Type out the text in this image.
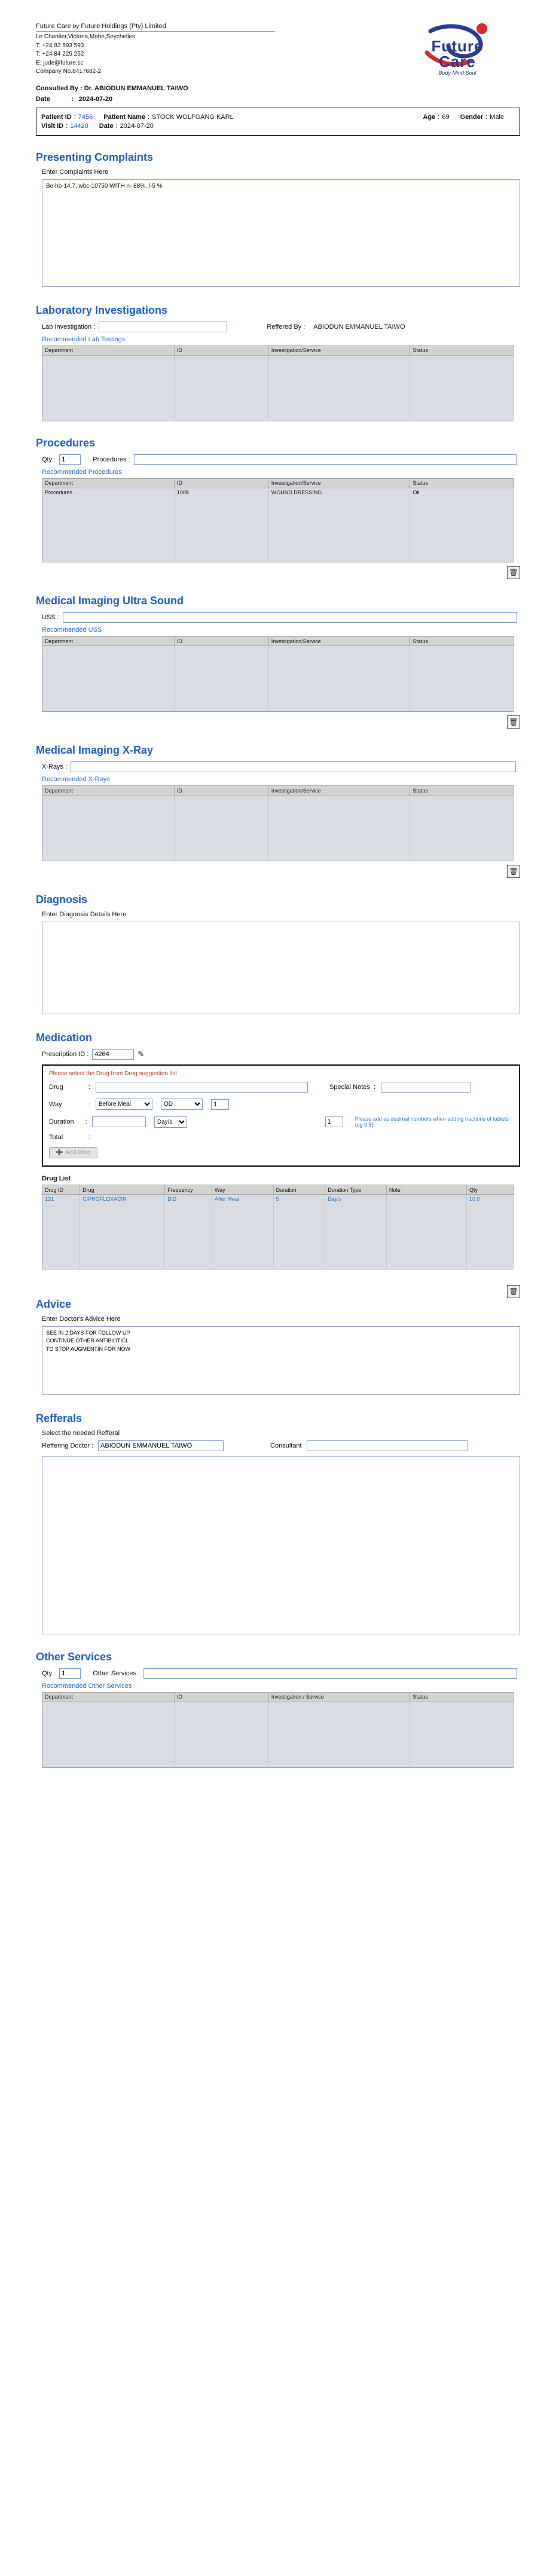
Future Care by Future Holdings (Pty) Limited
Le Chantier,Victoria,Mahe,Seychelles
T: +24 82 593 593
T: +24 84 225 252
E: jude@future.sc
Company No.8417682-2
Future
Care
Body Mind Soul
Consulted By : Dr. ABIODUN EMMANUEL TAIWO
Date	: 2024-07-20
Patient ID : 7456 Patient Name : STOCK WOLFGANG KARL	Age : 69 Gender : Male
Visit ID : 14420 Date : 2024-07-20
Presenting Complaints
Enter Complaints Here
Bo hb-14.7, wbc-10750 WITH n- 88%, l-5 %
Laboratory Investigations
Lab Investigation :	Reffered By : ABIODUN EMMANUEL TAIWO
Recommended Lab Testings
Department	ID	Investigation/Service	Status

Procedures
Qty :
1	Procedures :
Recommended Procedures
Department	ID	Investigation/Service	Status
Procedures	1008	WOUND DRESSING	Ok

🗑
Medical Imaging Ultra Sound
USS :
Recommended USS
Department	ID	Investigation/Service	Status

🗑
Medical Imaging X-Ray
X-Rays :
Recommended X-Rays
Department	ID	Investigation/Service	Status

🗑
Diagnosis
Enter Diagnosis Details Here
Medication
Prescription ID :
4264	✎
Please select the Drug from Drug suggestion list
Drug	:	Special Notes :
Way	:
Before Meal
OD
1
Duration	:
Day/s
1	Please add as decimal numbers when adding fractions of tablets (eg 0.5)
Total	:
➕ Add Drug
Drug List
Drug ID	Drug	Frequency	Way	Duration	Duration Type	Note	Qty
131	CIPROFLOXACIN	BID	After Meal	5	Day/s		10.0

🗑
Advice
Enter Doctor's Advice Here
SEE IN 2 DAYS FOR FOLLOW UP CONTINUE OTHER ANTIBIOTIĈL TO STOP AUGMENTIN FOR NOW
Refferals
Select the needed Refferal
Reffering Doctor :
ABIODUN EMMANUEL TAIWO	Consultant
Other Services
Qty :
1	Other Services :
Recommended Other Services
Department	ID	Investigation / Service	Status
